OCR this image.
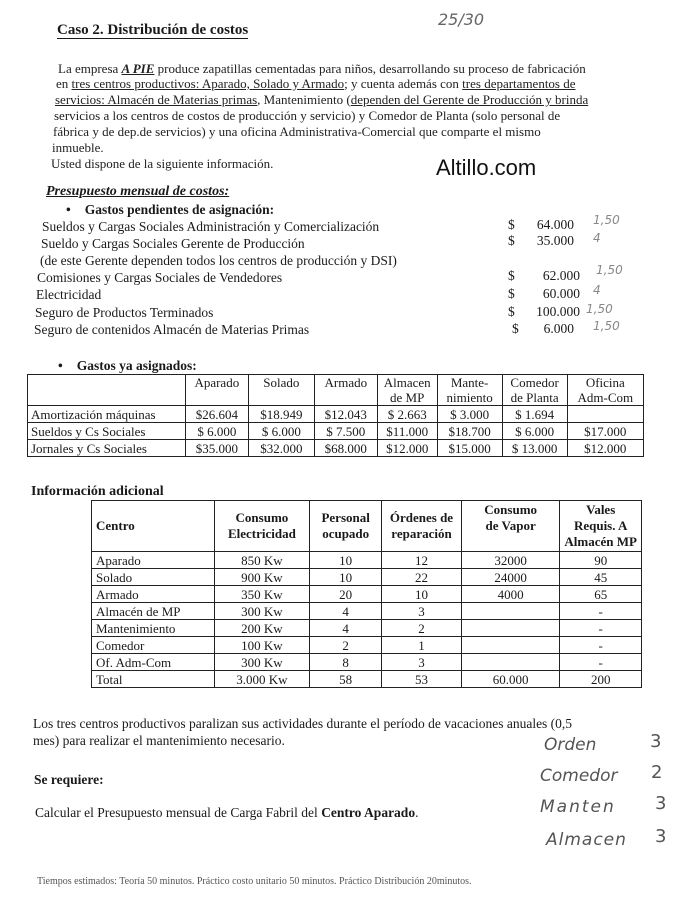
Caso 2. Distribución de costos
25/30
La empresa A PIE produce zapatillas cementadas para niños, desarrollando su proceso de fabricación
en tres centros productivos: Aparado, Solado y Armado; y cuenta además con tres departamentos de
servicios: Almacén de Materias primas, Mantenimiento (dependen del Gerente de Producción y brinda
servicios a los centros de costos de producción y servicio) y Comedor de Planta (solo personal de
fábrica y de dep.de servicios) y una oficina Administrativa-Comercial que comparte el mismo
inmueble.
Usted dispone de la siguiente información.	Altillo.com
Presupuesto mensual de costos:
• Gastos pendientes de asignación:
Sueldos y Cargas Sociales Administración y Comercialización	$ 64.000 1,50
Sueldo y Cargas Sociales Gerente de Producción	$ 35.000 4
(de este Gerente dependen todos los centros de producción y DSI)
Comisiones y Cargas Sociales de Vendedores	$ 62.000 1,50
Electricidad	$ 60.000 4
Seguro de Productos Terminados	$ 100.000 1,50
Seguro de contenidos Almacén de Materias Primas	$ 6.000 1,50
• Gastos ya asignados:

	Aparado	Solado	Armado	Almacen
de MP	Mante-
nimiento	Comedor
de Planta	Oficina
Adm-Com
Amortización máquinas	$26.604	$18.949	$12.043	$ 2.663	$ 3.000	$ 1.694	
Sueldos y Cs Sociales	$ 6.000	$ 6.000	$ 7.500	$11.000	$18.700	$ 6.000	$17.000
Jornales y Cs Sociales	$35.000	$32.000	$68.000	$12.000	$15.000	$ 13.000	$12.000
Información adicional
Centro	Consumo
Electricidad	Personal
ocupado	Órdenes de
reparación	Consumo
de Vapor	Vales
Requis. A
Almacén MP
Aparado	850 Kw	10	12	32000	90
Solado	900 Kw	10	22	24000	45
Armado	350 Kw	20	10	4000	65
Almacén de MP	300 Kw	4	3		-
Mantenimiento	200 Kw	4	2		-
Comedor	100 Kw	2	1		-
Of. Adm-Com	300 Kw	8	3		-
Total	3.000 Kw	58	53	60.000	200
Los tres centros productivos paralizan sus actividades durante el período de vacaciones anuales (0,5
mes) para realizar el mantenimiento necesario.
Se requiere:
Calcular el Presupuesto mensual de Carga Fabril del Centro Aparado.
Orden	3
Comedor 2
Manten 3
Almacen 3
Tiempos estimados: Teoría 50 minutos. Práctico costo unitario 50 minutos. Práctico Distribución 20minutos.
